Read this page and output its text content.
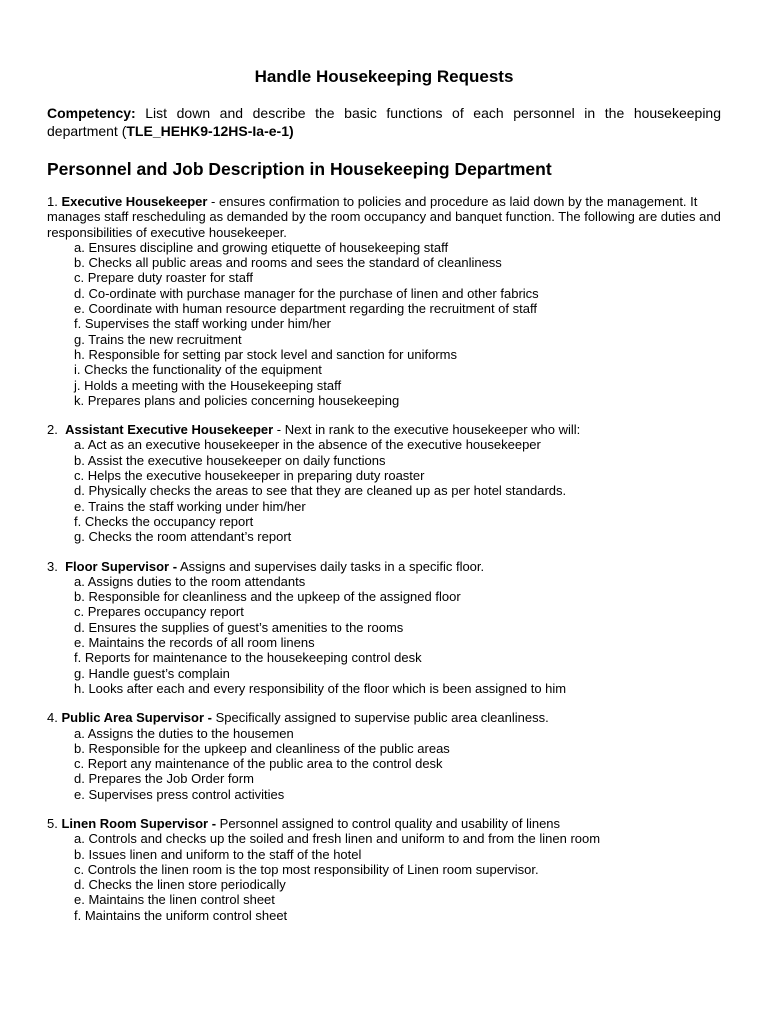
Handle Housekeeping Requests

Competency: List down and describe the basic functions of each personnel in the housekeeping department (TLE_HEHK9-12HS-Ia-e-1)

Personnel and Job Description in Housekeeping Department

1. Executive Housekeeper - ensures confirmation to policies and procedure as laid down by the management. It manages staff rescheduling as demanded by the room occupancy and banquet function. The following are duties and responsibilities of executive housekeeper.

a. Ensures discipline and growing etiquette of housekeeping staff
b. Checks all public areas and rooms and sees the standard of cleanliness
c. Prepare duty roaster for staff
d. Co-ordinate with purchase manager for the purchase of linen and other fabrics
e. Coordinate with human resource department regarding the recruitment of staff
f. Supervises the staff working under him/her
g. Trains the new recruitment
h. Responsible for setting par stock level and sanction for uniforms
i. Checks the functionality of the equipment
j. Holds a meeting with the Housekeeping staff
k. Prepares plans and policies concerning housekeeping

2.  Assistant Executive Housekeeper - Next in rank to the executive housekeeper who will:

a. Act as an executive housekeeper in the absence of the executive housekeeper
b. Assist the executive housekeeper on daily functions
c. Helps the executive housekeeper in preparing duty roaster
d. Physically checks the areas to see that they are cleaned up as per hotel standards.
e. Trains the staff working under him/her
f. Checks the occupancy report
g. Checks the room attendant’s report

3.  Floor Supervisor - Assigns and supervises daily tasks in a specific floor.

a. Assigns duties to the room attendants
b. Responsible for cleanliness and the upkeep of the assigned floor
c. Prepares occupancy report
d. Ensures the supplies of guest’s amenities to the rooms
e. Maintains the records of all room linens
f. Reports for maintenance to the housekeeping control desk
g. Handle guest’s complain
h. Looks after each and every responsibility of the floor which is been assigned to him

4. Public Area Supervisor - Specifically assigned to supervise public area cleanliness.

a. Assigns the duties to the housemen
b. Responsible for the upkeep and cleanliness of the public areas
c. Report any maintenance of the public area to the control desk
d. Prepares the Job Order form
e. Supervises press control activities

5. Linen Room Supervisor - Personnel assigned to control quality and usability of linens

a. Controls and checks up the soiled and fresh linen and uniform to and from the linen room
b. Issues linen and uniform to the staff of the hotel
c. Controls the linen room is the top most responsibility of Linen room supervisor.
d. Checks the linen store periodically
e. Maintains the linen control sheet
f. Maintains the uniform control sheet
